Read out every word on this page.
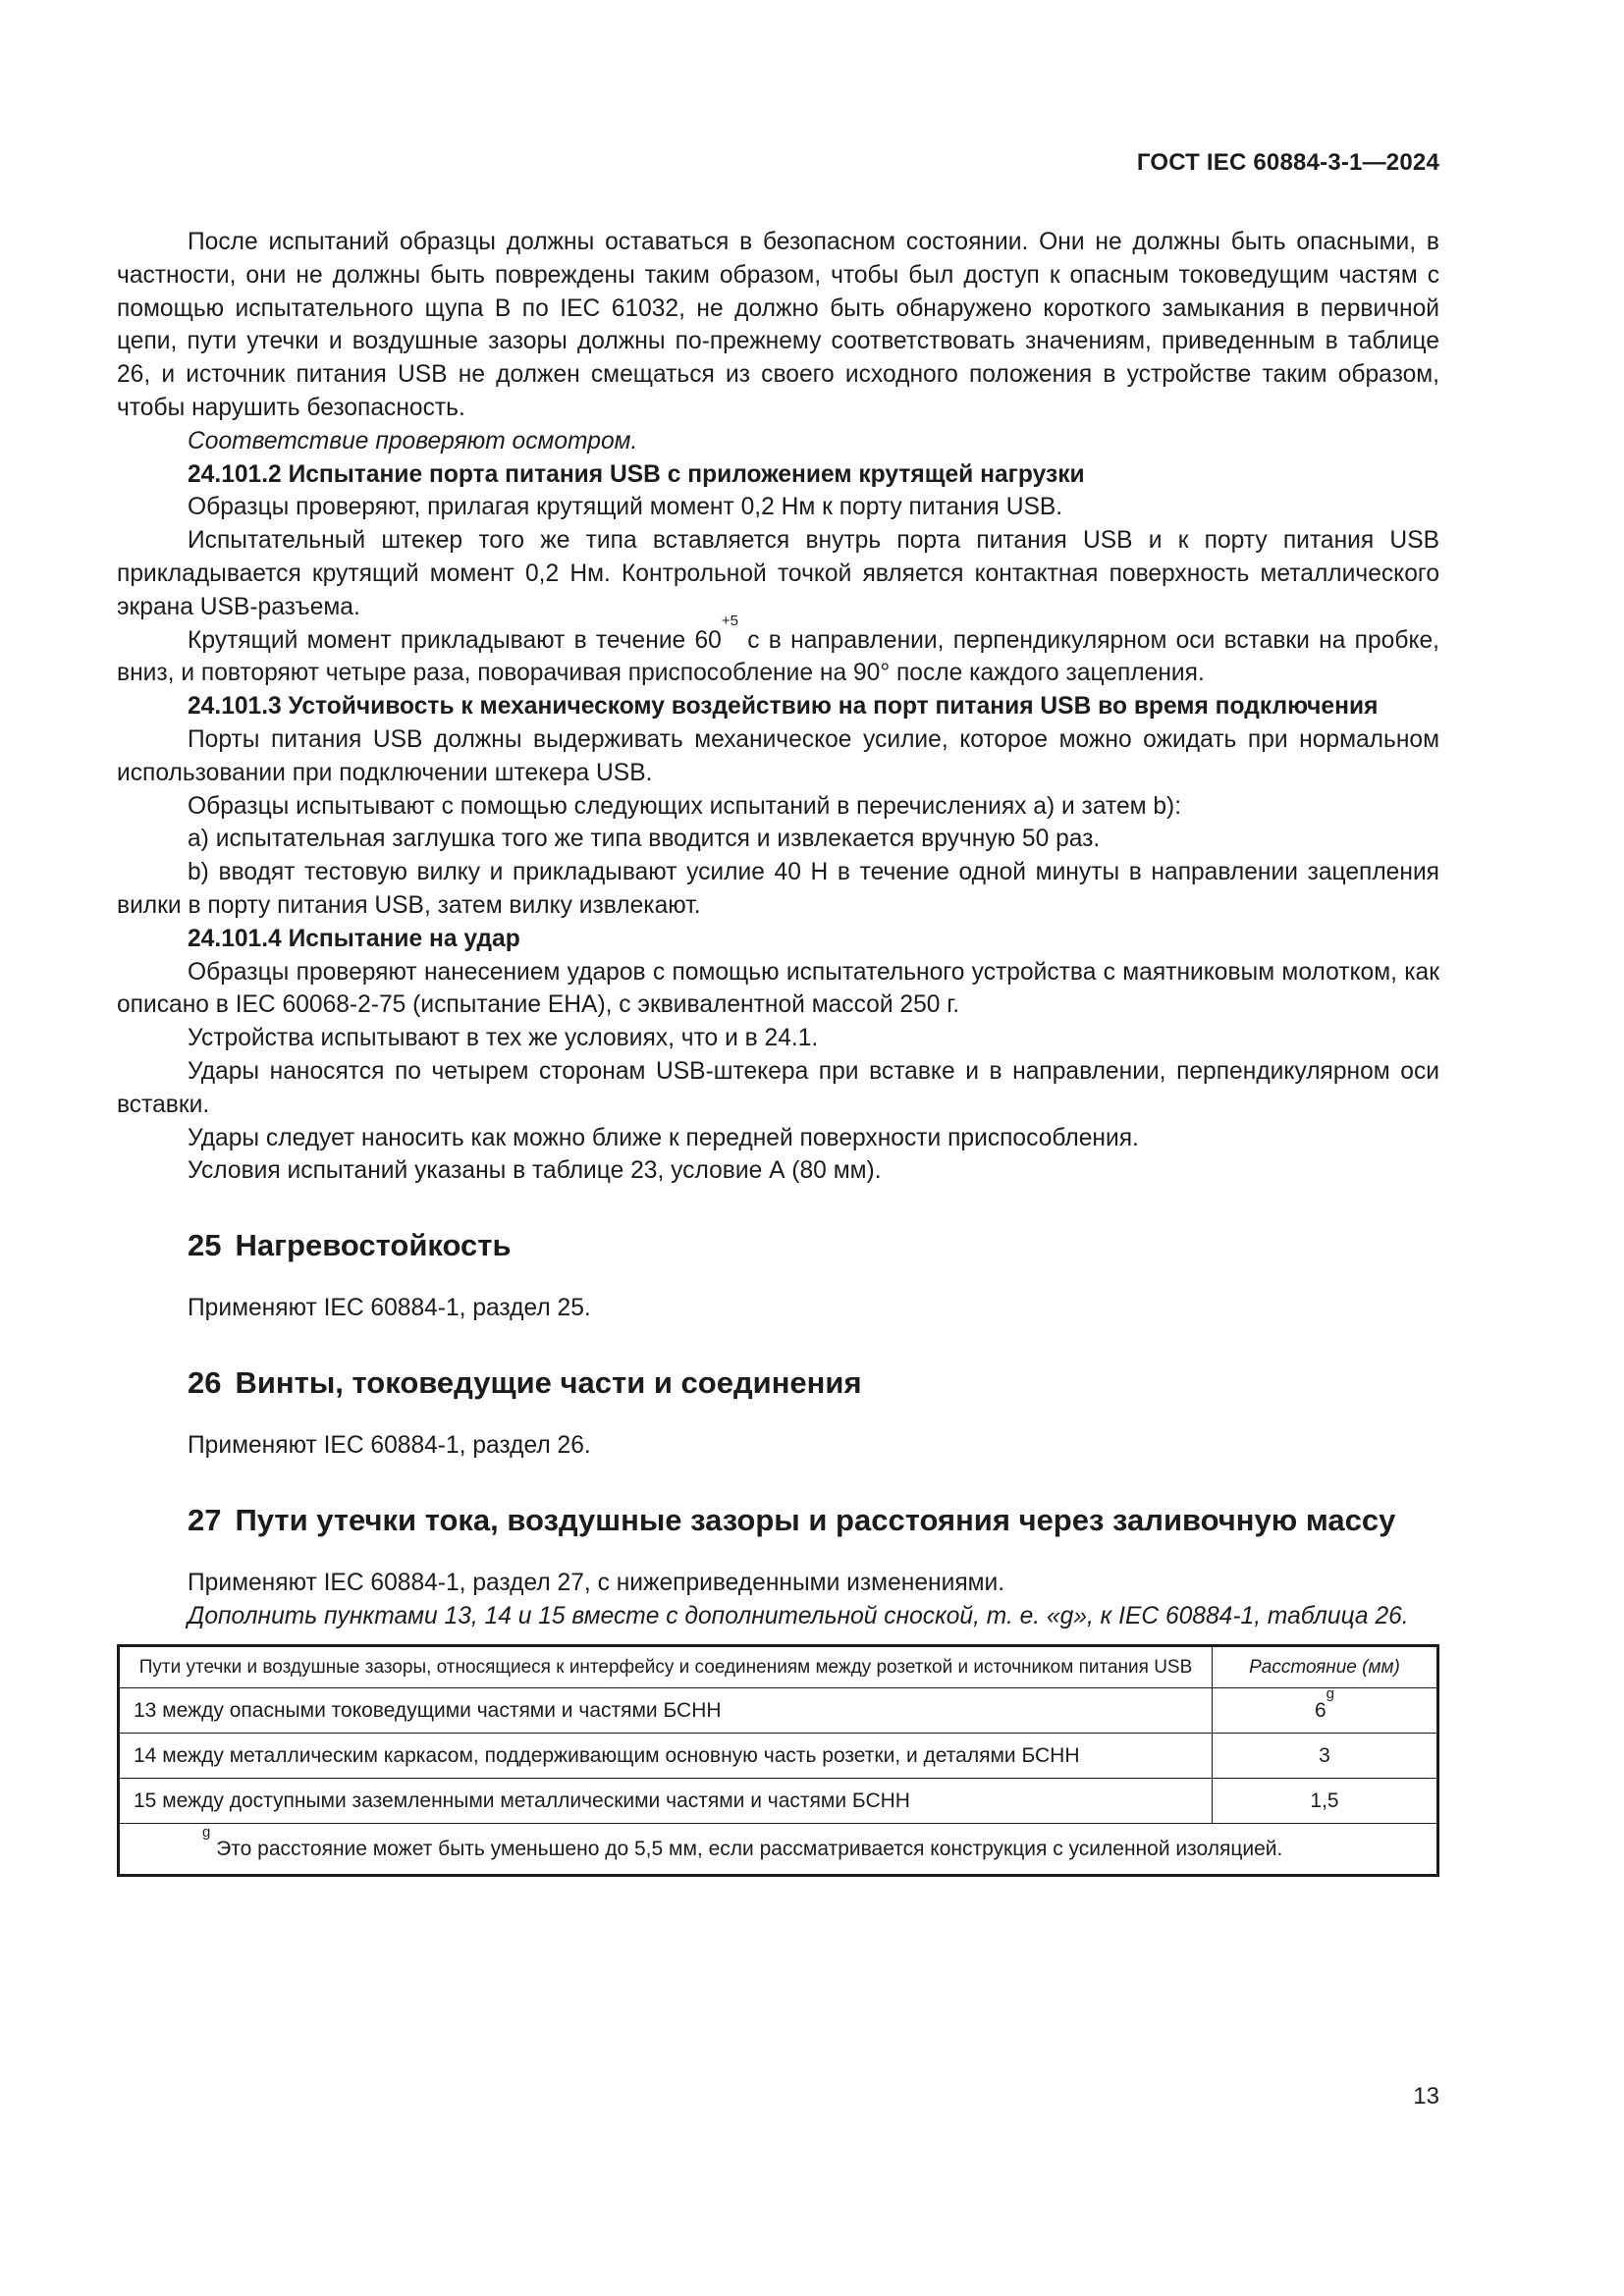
ГОСТ IEC 60884-3-1—2024

После испытаний образцы должны оставаться в безопасном состоянии. Они не должны быть опасными, в частности, они не должны быть повреждены таким образом, чтобы был доступ к опасным токоведущим частям с помощью испытательного щупа В по IEC 61032, не должно быть обнаружено короткого замыкания в первичной цепи, пути утечки и воздушные зазоры должны по-прежнему соответствовать значениям, приведенным в таблице 26, и источник питания USB не должен смещаться из своего исходного положения в устройстве таким образом, чтобы нарушить безопасность.

Соответствие проверяют осмотром.

24.101.2 Испытание порта питания USB с приложением крутящей нагрузки

Образцы проверяют, прилагая крутящий момент 0,2 Нм к порту питания USB.

Испытательный штекер того же типа вставляется внутрь порта питания USB и к порту питания USB прикладывается крутящий момент 0,2 Нм. Контрольной точкой является контактная поверхность металлического экрана USB-разъема.

Крутящий момент прикладывают в течение $60^{+5}$ с в направлении, перпендикулярном оси вставки на пробке, вниз, и повторяют четыре раза, поворачивая приспособление на 90° после каждого зацепления.

24.101.3 Устойчивость к механическому воздействию на порт питания USB во время подключения

Порты питания USB должны выдерживать механическое усилие, которое можно ожидать при нормальном использовании при подключении штекера USB.

Образцы испытывают с помощью следующих испытаний в перечислениях а) и затем b):

а) испытательная заглушка того же типа вводится и извлекается вручную 50 раз.

b) вводят тестовую вилку и прикладывают усилие 40 Н в течение одной минуты в направлении зацепления вилки в порту питания USB, затем вилку извлекают.

24.101.4 Испытание на удар

Образцы проверяют нанесением ударов с помощью испытательного устройства с маятниковым молотком, как описано в IEC 60068-2-75 (испытание ЕНА), с эквивалентной массой 250 г.

Устройства испытывают в тех же условиях, что и в 24.1.

Удары наносятся по четырем сторонам USB-штекера при вставке и в направлении, перпендикулярном оси вставки.

Удары следует наносить как можно ближе к передней поверхности приспособления.

Условия испытаний указаны в таблице 23, условие А (80 мм).

25 Нагревостойкость

Применяют IEC 60884-1, раздел 25.

26 Винты, токоведущие части и соединения

Применяют IEC 60884-1, раздел 26.

27 Пути утечки тока, воздушные зазоры и расстояния через заливочную массу

Применяют IEC 60884-1, раздел 27, с нижеприведенными изменениями.

Дополнить пунктами 13, 14 и 15 вместе с дополнительной сноской, т. е. «g», к IEC 60884-1, таблица 26.

Пути утечки и воздушные зазоры, относящиеся к интерфейсу и соединениям между розеткой и источником питания USB	Расстояние (мм)
13 между опасными токоведущими частями и частями БСНН	6$^g$
14 между металлическим каркасом, поддерживающим основную часть розетки, и деталями БСНН	3
15 между доступными заземленными металлическими частями и частями БСНН	1,5
$^g$ Это расстояние может быть уменьшено до 5,5 мм, если рассматривается конструкция с усиленной изоляцией.	
13
